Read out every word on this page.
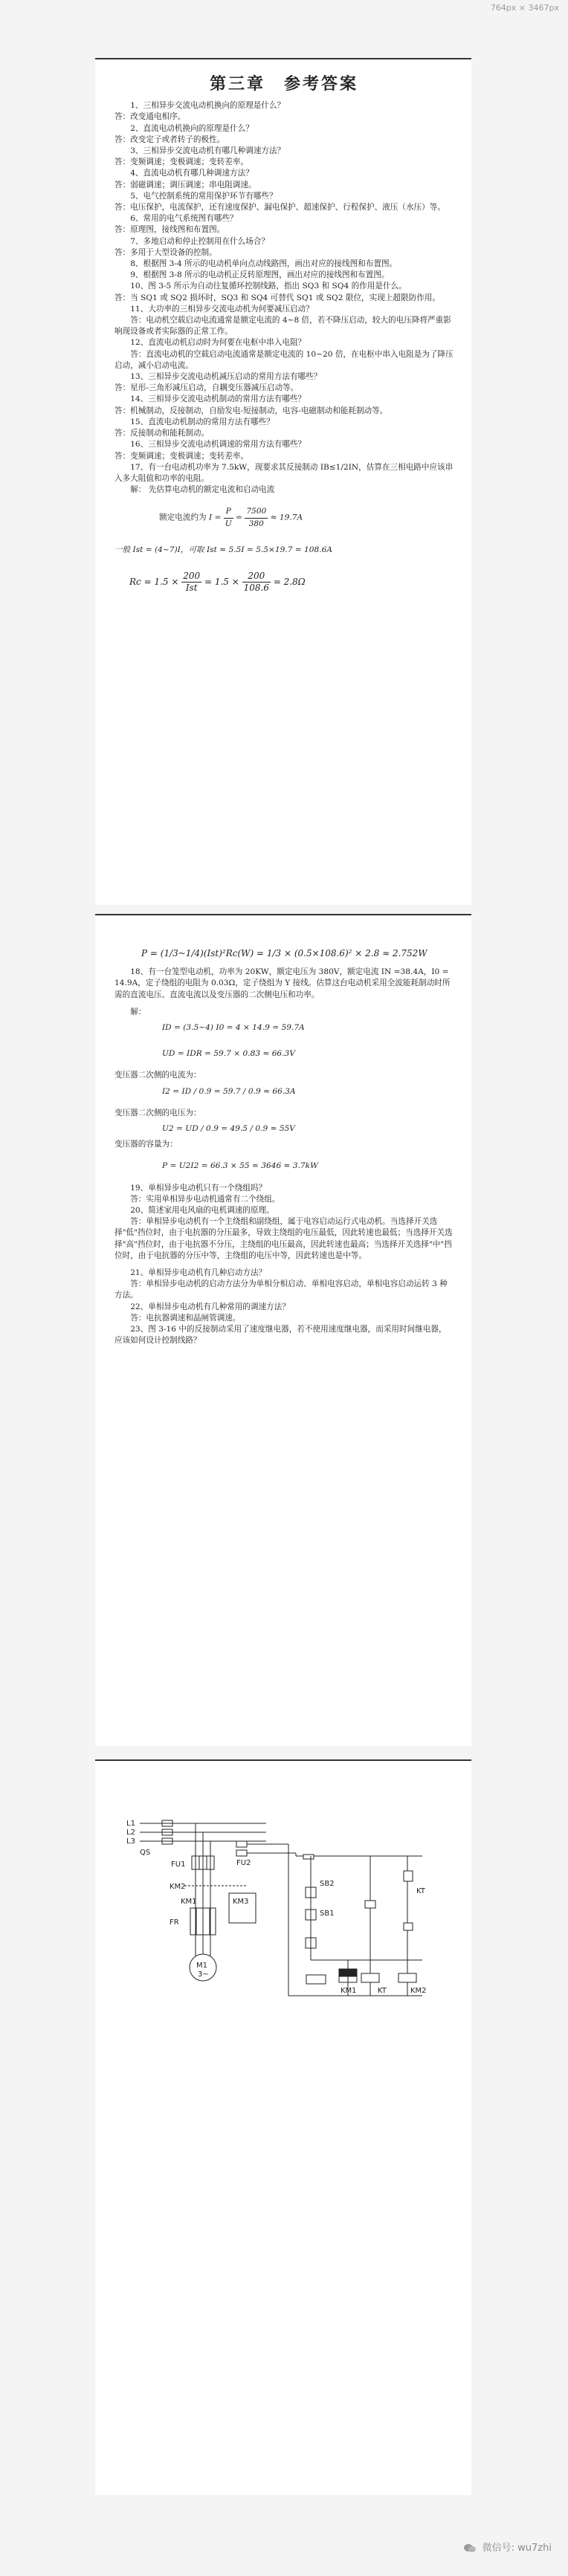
764px × 3467px
第三章　参考答案

1、三相异步交流电动机换向的原理是什么？

答：改变通电相序。

2、直流电动机换向的原理是什么？

答：改变定子或者转子的极性。

3、三相异步交流电动机有哪几种调速方法？

答：变频调速；变极调速；变转差率。

4、直流电动机有哪几种调速方法？

答：弱磁调速；调压调速；串电阻调速。

5、电气控制系统的常用保护环节有哪些？

答：电压保护，电流保护，还有速度保护、漏电保护、超速保护、行程保护、液压（水压）等。

6、常用的电气系统图有哪些？

答：原理图，接线图和布置图。

7、多地启动和停止控制用在什么场合？

答：多用于大型设备的控制。

8、根据图 3-4 所示的电动机单向点动线路图，画出对应的接线图和布置图。

9、根据图 3-8 所示的电动机正反转原理图，画出对应的接线图和布置图。

10、图 3-5 所示为自动往复循环控制线路，指出 SQ3 和 SQ4 的作用是什么。

答：当 SQ1 或 SQ2 损坏时，SQ3 和 SQ4 可替代 SQ1 或 SQ2 限位，实现上超限防作用。

11、大功率的三相异步交流电动机为何要减压启动？

答：电动机空载启动电流通常是额定电流的 4~8 倍，若不降压启动，较大的电压降将严重影响现设备或者实际器的正常工作。

12、直流电动机启动时为何要在电枢中串入电阻？

答：直流电动机的空载启动电流通常是额定电流的 10~20 倍，在电枢中串入电阻是为了降压启动，减小启动电流。

13、三相异步交流电动机减压启动的常用方法有哪些？

答：星形-三角形减压启动，自耦变压器减压启动等。

14、三相异步交流电动机制动的常用方法有哪些？

答：机械制动，反接制动，自励发电-短接制动，电容-电磁制动和能耗制动等。

15、直流电动机制动的常用方法有哪些？

答：反接制动和能耗制动。

16、三相异步交流电动机调速的常用方法有哪些？

答：变频调速；变极调速；变转差率。

17、有一台电动机功率为 7.5kW，现要求其反接制动 IB≤1/2IN，估算在三相电路中应该串入多大阻值和功率的电阻。

解： 先估算电动机的额定电流和启动电流

额定电流约为 $I = \frac{P}{U} = \frac{7500}{380} \approx 19.7A$

一般 Ist = (4~7)I，可取 Ist ≈ 5.5I = 5.5×19.7 = 108.6A

$Rc = 1.5 \times \frac{200}{\text{Ist}} = 1.5 \times \frac{200}{108.6} = 2.8\Omega$

P = (1/3~1/4)(Ist)²Rc(W) = 1/3 × (0.5×108.6)² × 2.8 ≈ 2.752W

18、有一台笼型电动机，功率为 20KW，额定电压为 380V，额定电流 IN =38.4A，I0 = 14.9A，定子绕组的电阻为 0.03Ω，定子绕组为 Y 接线。估算这台电动机采用全波能耗制动时所需的直流电压、直流电流以及变压器的二次侧电压和功率。

解：

ID = (3.5~4) I0 = 4 × 14.9 = 59.7A

UD = IDR = 59.7 × 0.83 ≈ 66.3V

变压器二次侧的电流为：

I2 = ID / 0.9 = 59.7 / 0.9 ≈ 66.3A

变压器二次侧的电压为：

U2 = UD / 0.9 = 49.5 / 0.9 ≈ 55V

变压器的容量为：

P = U2I2 = 66.3 × 55 ≈ 3646 ≈ 3.7kW

19、单相异步电动机只有一个绕组吗？

答：实用单相异步电动机通常有二个绕组。

20、简述家用电风扇的电机调速的原理。

答：单相异步电动机有一个主绕组和副绕组，属于电容启动运行式电动机。当选择开关选择"低"挡位时，由于电抗器的分压最多，导致主绕组的电压最低，因此转速也最低；当选择开关选择"高"挡位时，由于电抗器不分压，主绕组的电压最高，因此转速也最高；当选择开关选择"中"挡位时，由于电抗器的分压中等，主绕组的电压中等，因此转速也是中等。

21、单相异步电动机有几种启动方法？

答：单相异步电动机的启动方法分为单相分相启动、单相电容启动，单相电容启动运转 3 种方法。

22、单相异步电动机有几种常用的调速方法？

答：电抗器调速和晶闸管调速。

23、图 3-16 中的反接制动采用了速度继电器，若不使用速度继电器，而采用时间继电器，应该如何设计控制线路？

L1
L2
L3
QS
FU1	FU2
KM2
KM1	KM3
FR
M1
3~
SB2
SB1
KT
KM1	KT	KM2
微信号: wu7zhi
